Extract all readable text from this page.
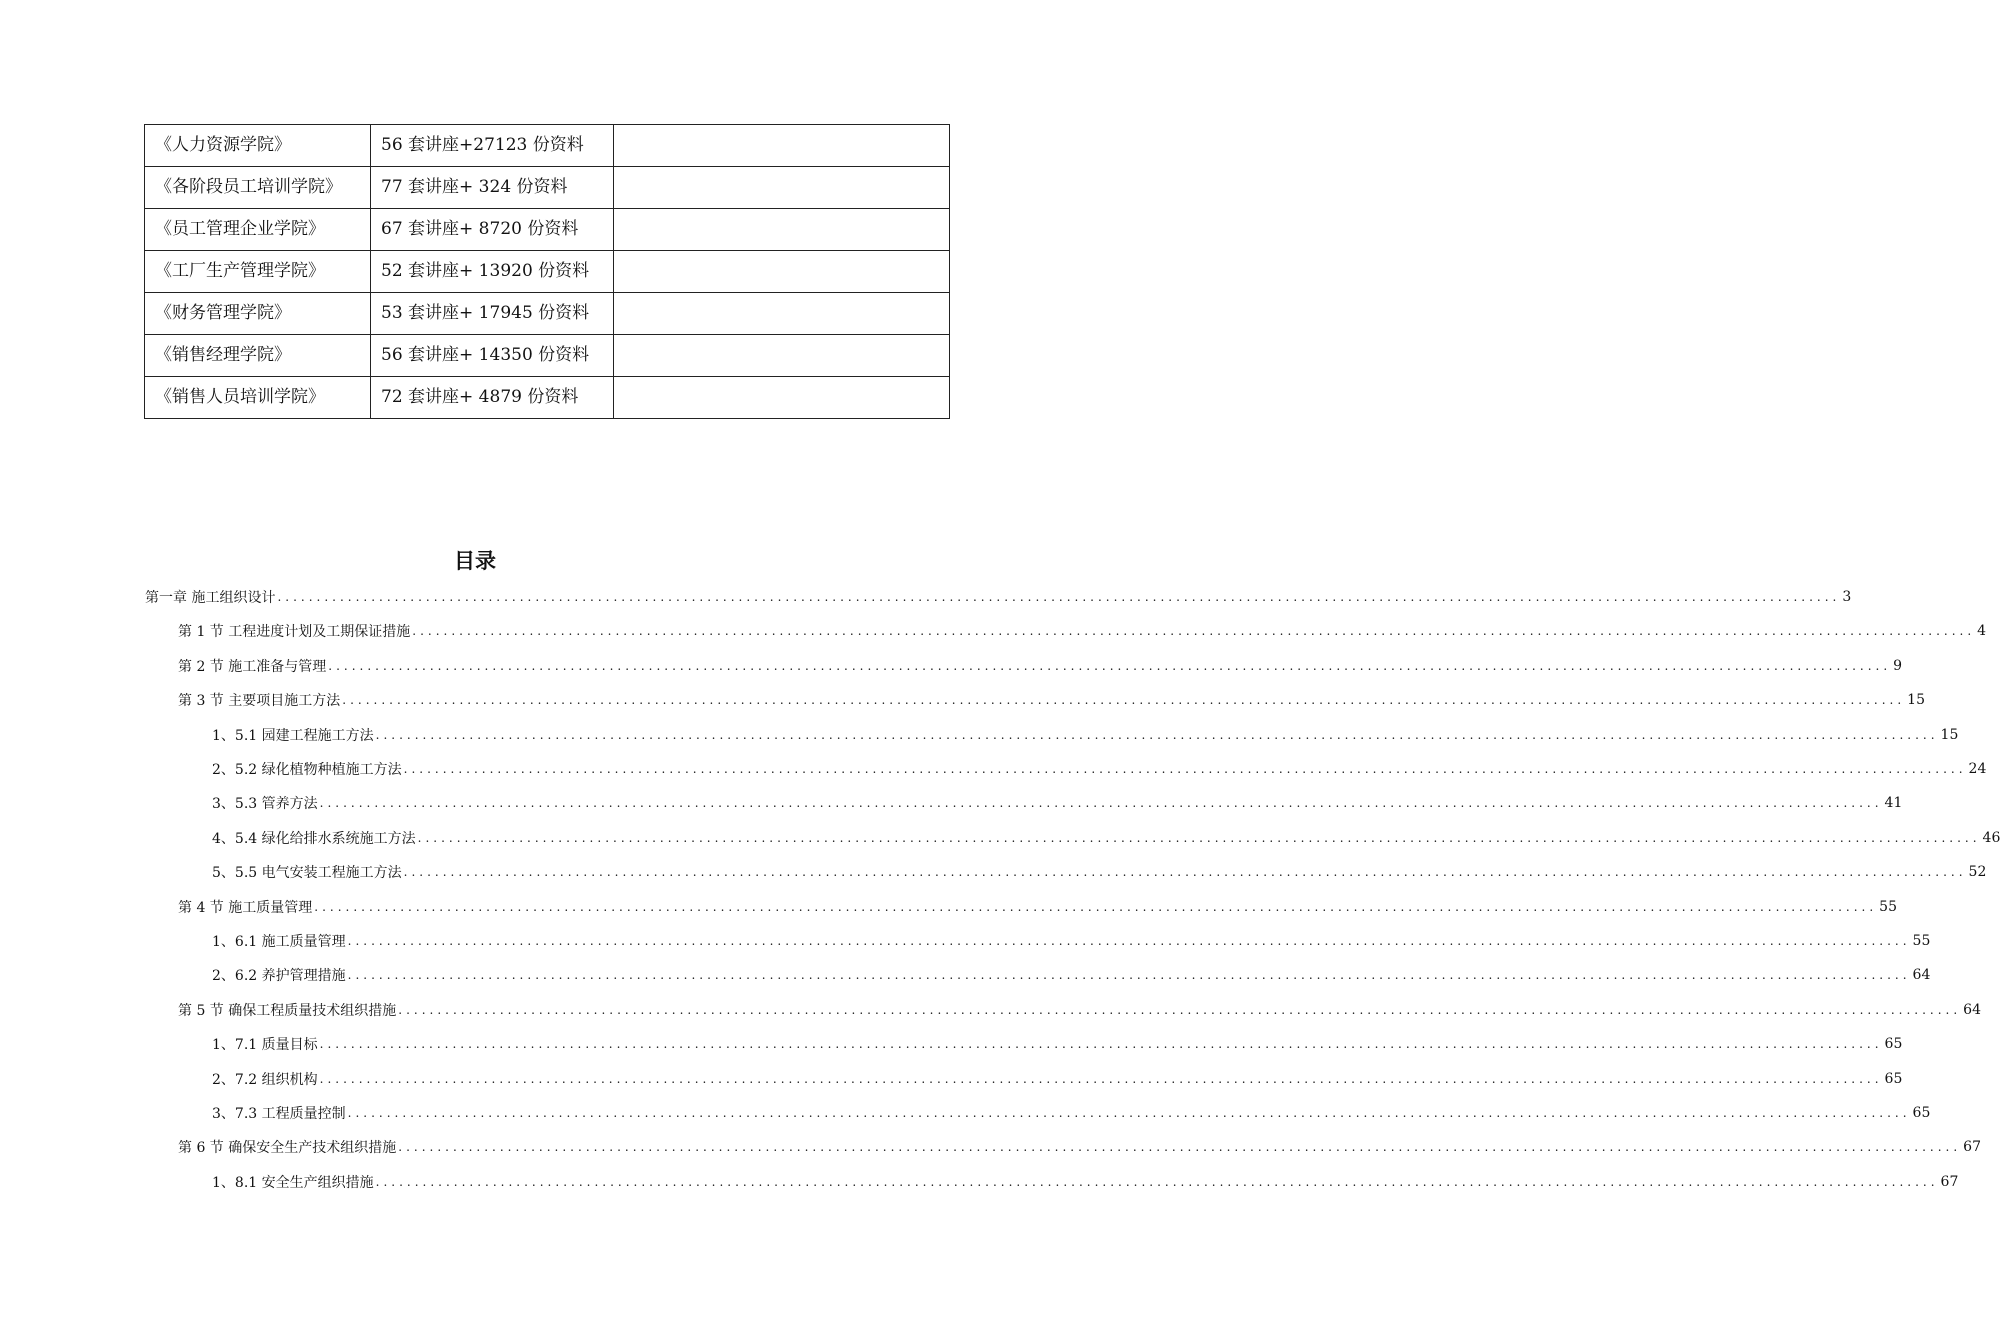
《人力资源学院》	56 套讲座+27123 份资料	
《各阶段员工培训学院》	77 套讲座+ 324 份资料	
《员工管理企业学院》	67 套讲座+ 8720 份资料	
《工厂生产管理学院》	52 套讲座+ 13920 份资料	
《财务管理学院》	53 套讲座+ 17945 份资料	
《销售经理学院》	56 套讲座+ 14350 份资料	
《销售人员培训学院》	72 套讲座+ 4879 份资料	
目录
第一章 施工组织设计 ........................................................................................................................................................................................................ 3
第 1 节 工程进度计划及工期保证措施 ........................................................................................................................................................................................................ 4
第 2 节 施工准备与管理 ........................................................................................................................................................................................................ 9
第 3 节 主要项目施工方法 ........................................................................................................................................................................................................ 15
1、 5.1 园建工程施工方法 ........................................................................................................................................................................................................ 15
2、 5.2 绿化植物种植施工方法 ........................................................................................................................................................................................................ 24
3、 5.3 管养方法 ........................................................................................................................................................................................................ 41
4、 5.4 绿化给排水系统施工方法 ........................................................................................................................................................................................................ 46
5、 5.5 电气安装工程施工方法 ........................................................................................................................................................................................................ 52
第 4 节 施工质量管理 ........................................................................................................................................................................................................ 55
1、 6.1 施工质量管理 ........................................................................................................................................................................................................ 55
2、 6.2 养护管理措施 ........................................................................................................................................................................................................ 64
第 5 节 确保工程质量技术组织措施 ........................................................................................................................................................................................................ 64
1、 7.1 质量目标 ........................................................................................................................................................................................................ 65
2、 7.2 组织机构 ........................................................................................................................................................................................................ 65
3、 7.3 工程质量控制 ........................................................................................................................................................................................................ 65
第 6 节 确保安全生产技术组织措施 ........................................................................................................................................................................................................ 67
1、 8.1 安全生产组织措施 ........................................................................................................................................................................................................ 67
